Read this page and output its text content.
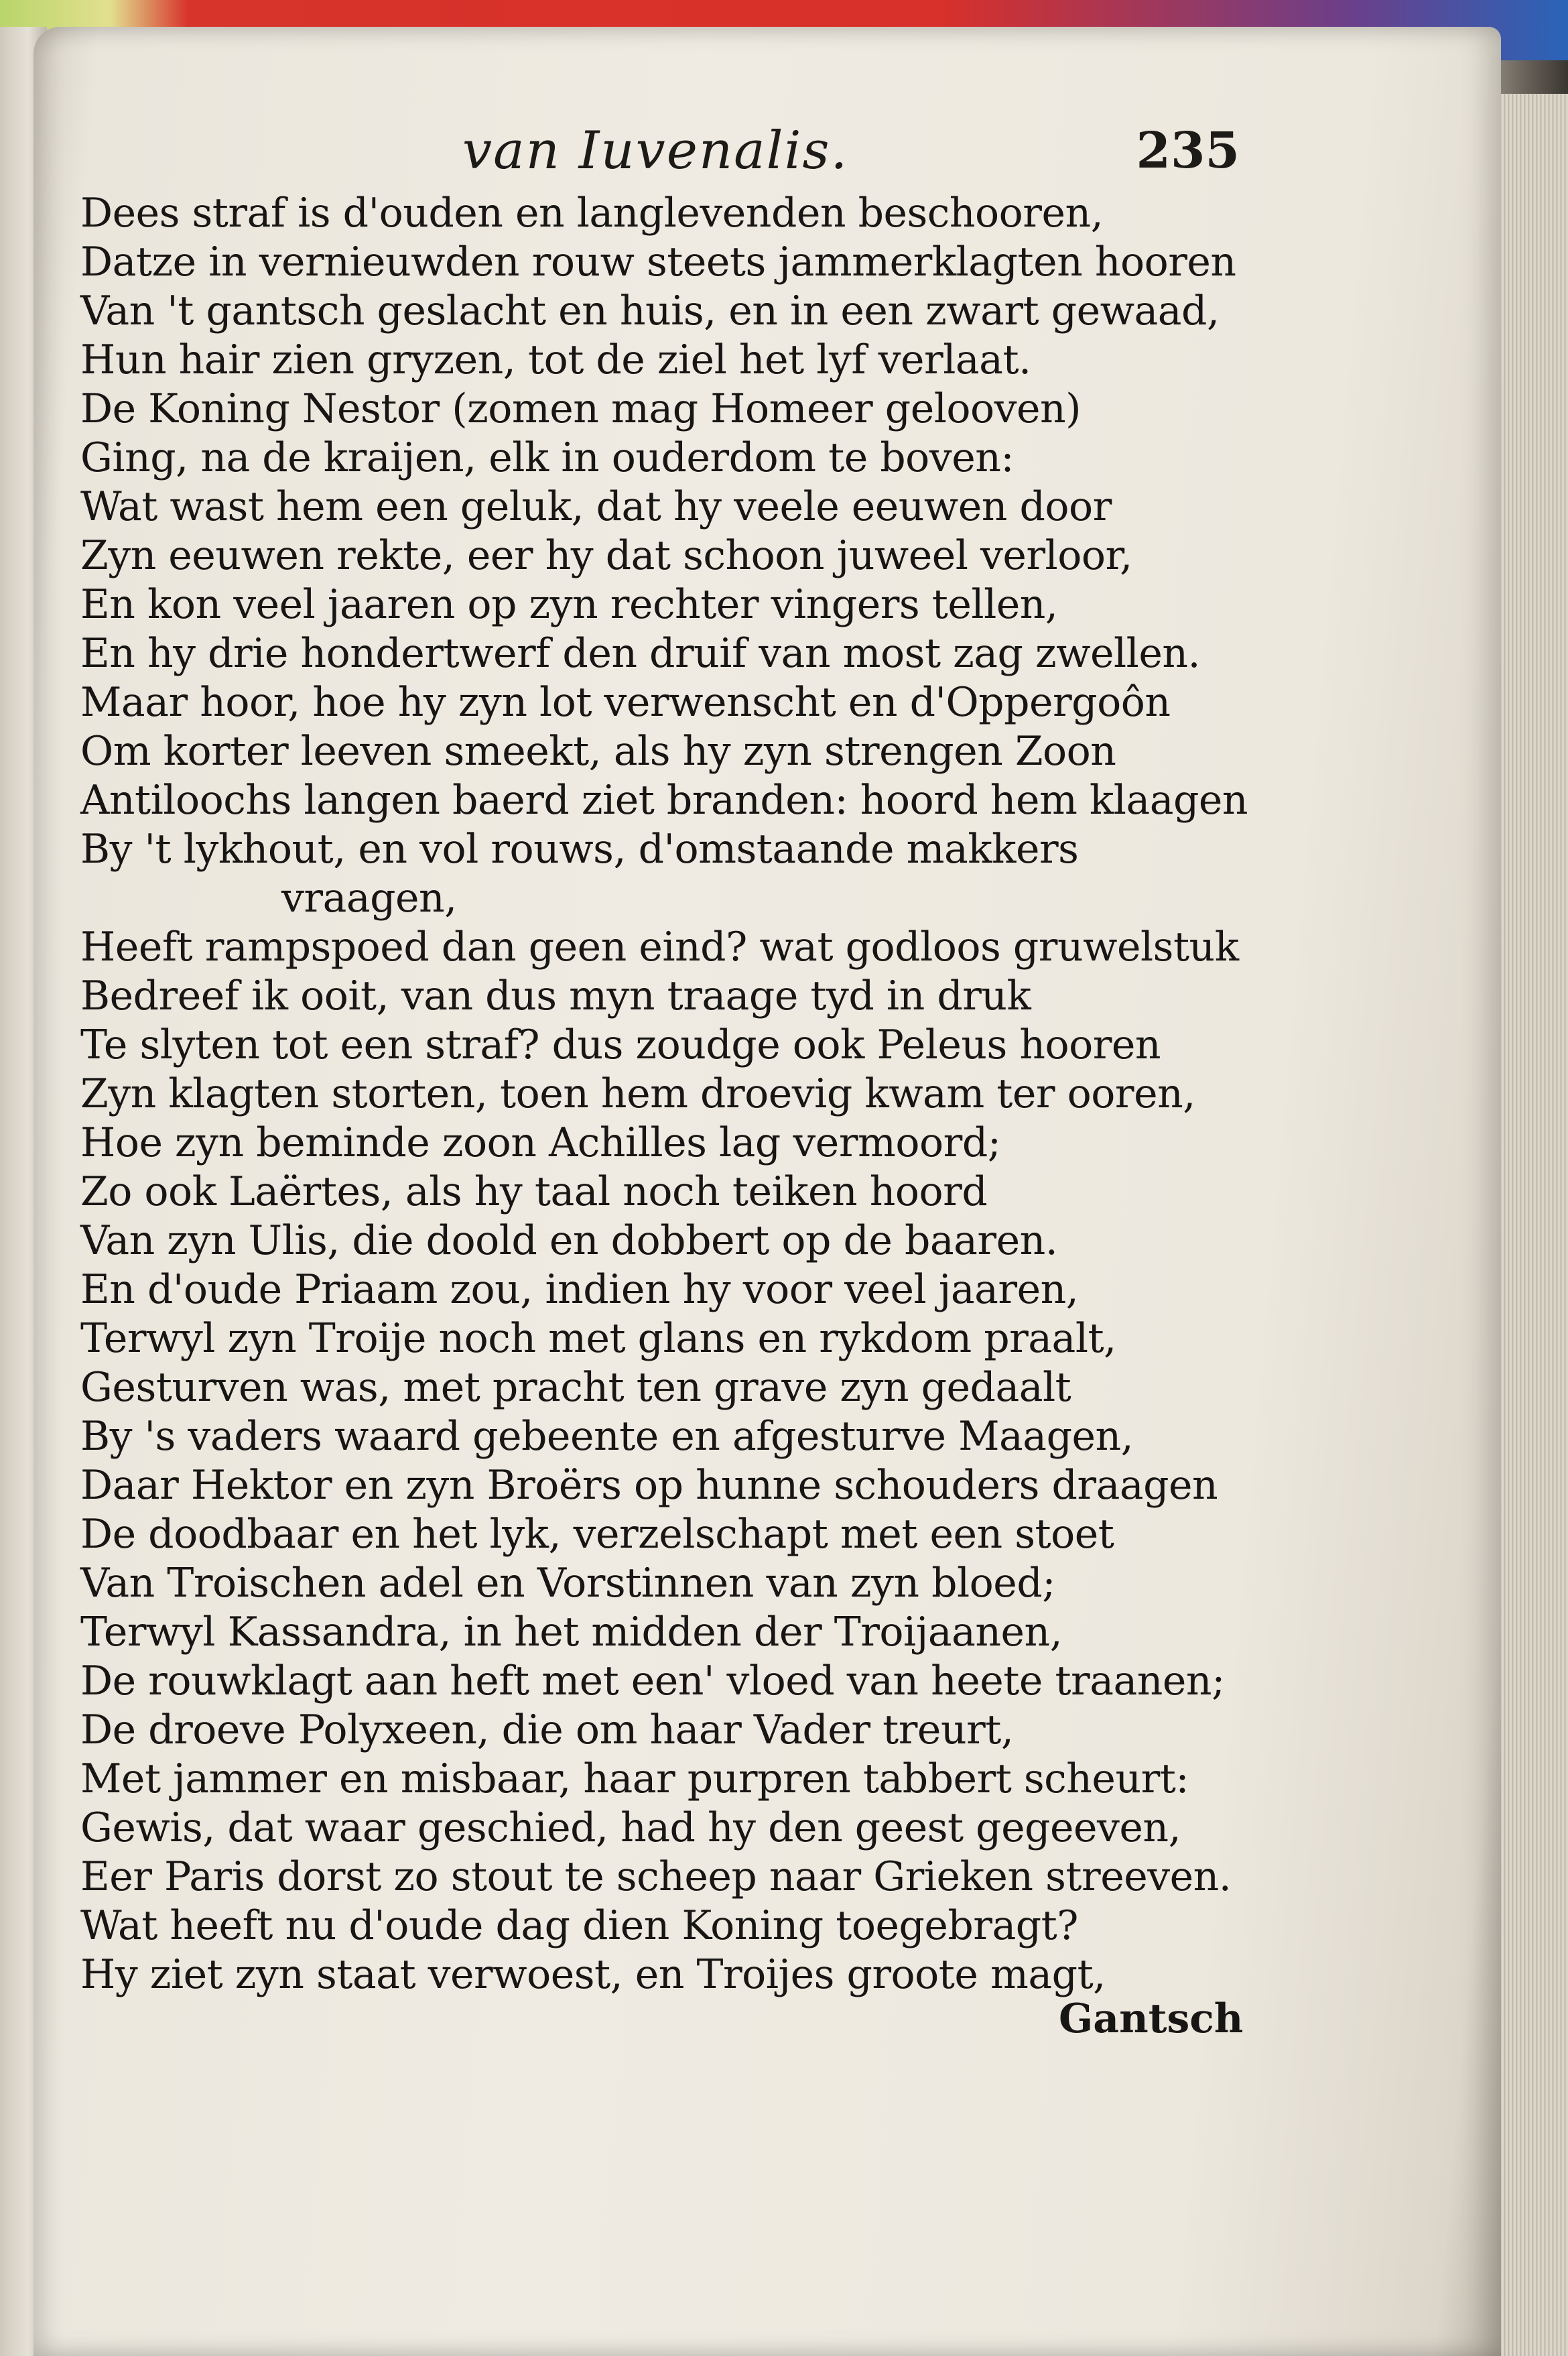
van Iuvenalis.	235
Dees straf is d'ouden en langlevenden beschooren,
Datze in vernieuwden rouw steets jammerklagten hooren
Van 't gantsch geslacht en huis, en in een zwart gewaad,
Hun hair zien gryzen, tot de ziel het lyf verlaat.
De Koning Nestor (zomen mag Homeer gelooven)
Ging, na de kraijen, elk in ouderdom te boven:
Wat wast hem een geluk, dat hy veele eeuwen door
Zyn eeuwen rekte, eer hy dat schoon juweel verloor,
En kon veel jaaren op zyn rechter vingers tellen,
En hy drie hondertwerf den druif van most zag zwellen.
Maar hoor, hoe hy zyn lot verwenscht en d'Oppergoôn
Om korter leeven smeekt, als hy zyn strengen Zoon
Antiloochs langen baerd ziet branden: hoord hem klaagen
By 't lykhout, en vol rouws, d'omstaande makkers
vraagen,
Heeft rampspoed dan geen eind? wat godloos gruwelstuk
Bedreef ik ooit, van dus myn traage tyd in druk
Te slyten tot een straf? dus zoudge ook Peleus hooren
Zyn klagten storten, toen hem droevig kwam ter ooren,
Hoe zyn beminde zoon Achilles lag vermoord;
Zo ook Laërtes, als hy taal noch teiken hoord
Van zyn Ulis, die doold en dobbert op de baaren.
En d'oude Priaam zou, indien hy voor veel jaaren,
Terwyl zyn Troije noch met glans en rykdom praalt,
Gesturven was, met pracht ten grave zyn gedaalt
By 's vaders waard gebeente en afgesturve Maagen,
Daar Hektor en zyn Broërs op hunne schouders draagen
De doodbaar en het lyk, verzelschapt met een stoet
Van Troischen adel en Vorstinnen van zyn bloed;
Terwyl Kassandra, in het midden der Troijaanen,
De rouwklagt aan heft met een' vloed van heete traanen;
De droeve Polyxeen, die om haar Vader treurt,
Met jammer en misbaar, haar purpren tabbert scheurt:
Gewis, dat waar geschied, had hy den geest gegeeven,
Eer Paris dorst zo stout te scheep naar Grieken streeven.
Wat heeft nu d'oude dag dien Koning toegebragt?
Hy ziet zyn staat verwoest, en Troijes groote magt,
Gantsch
